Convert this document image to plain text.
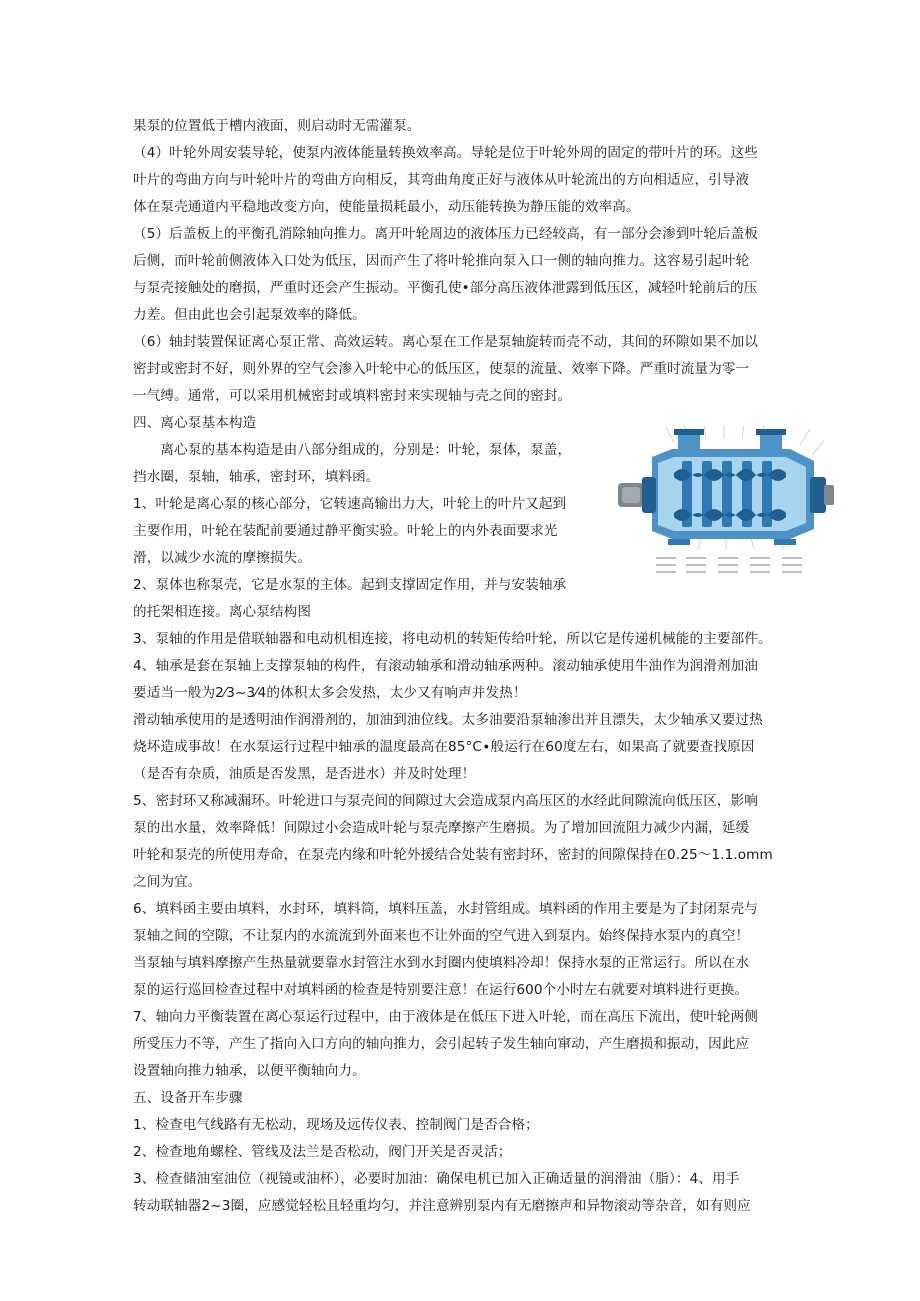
果泵的位置低于槽内液面，则启动时无需灌泵。
（4）叶轮外周安装导轮，使泵内液体能量转换效率高。导轮是位于叶轮外周的固定的带叶片的环。这些
叶片的弯曲方向与叶轮叶片的弯曲方向相反，其弯曲角度正好与液体从叶轮流出的方向相适应，引导液
体在泵壳通道内平稳地改变方向，使能量损耗最小，动压能转换为静压能的效率高。
（5）后盖板上的平衡孔消除轴向推力。离开叶轮周边的液体压力已经较高，有一部分会渗到叶轮后盖板
后侧，而叶轮前侧液体入口处为低压，因而产生了将叶轮推向泵入口一侧的轴向推力。这容易引起叶轮
与泵壳接触处的磨损，严重时还会产生振动。平衡孔使•部分高压液体泄露到低压区，减轻叶轮前后的压
力差。但由此也会引起泵效率的降低。
（6）轴封装置保证离心泵正常、高效运转。离心泵在工作是泵轴旋转而壳不动，其间的环隙如果不加以
密封或密封不好，则外界的空气会渗入叶轮中心的低压区，使泵的流量、效率下降。严重时流量为零一
一气缚。通常，可以采用机械密封或填料密封来实现轴与壳之间的密封。
四、离心泵基本构造
　　离心泵的基本构造是由八部分组成的，分别是：叶轮，泵体，泵盖，
挡水圈，泵轴，轴承，密封环，填料函。
1、叶轮是离心泵的核心部分，它转速高输出力大，叶轮上的叶片又起到
主要作用，叶轮在装配前要通过静平衡实验。叶轮上的内外表面要求光
滑，以减少水流的摩擦损失。
2、泵体也称泵壳，它是水泵的主体。起到支撑固定作用，并与安装轴承
的托架相连接。离心泵结构图
3、泵轴的作用是借联轴器和电动机相连接，将电动机的转矩传给叶轮，所以它是传递机械能的主要部件。
4、轴承是套在泵轴上支撑泵轴的构件，有滚动轴承和滑动轴承两种。滚动轴承使用牛油作为润滑剂加油
要适当一般为2⁄3~3⁄4的体积太多会发热，太少又有响声并发热！
滑动轴承使用的是透明油作润滑剂的，加油到油位线。太多油要沿泵轴渗出并且漂失，太少轴承又要过热
烧坏造成事故！在水泵运行过程中轴承的温度最高在85°C∙般运行在60度左右，如果高了就要查找原因
（是否有杂质，油质是否发黑，是否进水）并及时处理！
5、密封环又称减漏环。叶轮进口与泵壳间的间隙过大会造成泵内高压区的水经此间隙流向低压区，影响
泵的出水量，效率降低！间隙过小会造成叶轮与泵壳摩擦产生磨损。为了增加回流阻力减少内漏，延缓
叶轮和泵壳的所使用寿命，在泵壳内缘和叶轮外援结合处装有密封环，密封的间隙保持在0.25～1.1.omm
之间为宜。
6、填料函主要由填料，水封环，填料筒，填料压盖，水封管组成。填料函的作用主要是为了封闭泵壳与
泵轴之间的空隙，不让泵内的水流流到外面来也不让外面的空气进入到泵内。始终保持水泵内的真空！
当泵轴与填料摩擦产生热量就要靠水封管注水到水封圈内使填料冷却！保持水泵的正常运行。所以在水
泵的运行巡回检查过程中对填料函的检查是特别要注意！在运行600个小时左右就要对填料进行更换。
7、轴向力平衡装置在离心泵运行过程中，由于液体是在低压下进入叶轮，而在高压下流出，使叶轮两侧
所受压力不等，产生了指向入口方向的轴向推力，会引起转子发生轴向窜动，产生磨损和振动，因此应
设置轴向推力轴承，以便平衡轴向力。
五、设备开车步骤
1、检查电气线路有无松动，现场及远传仪表、控制阀门是否合格；
2、检查地角螺栓、管线及法兰是否松动，阀门开关是否灵活；
3、检查储油室油位（视镜或油杯），必要时加油：确保电机已加入正确适量的润滑油（脂）：4、用手
转动联轴器2~3圈，应感觉轻松且轻重均匀，并注意辨别泵内有无磨擦声和异物滚动等杂音，如有则应
